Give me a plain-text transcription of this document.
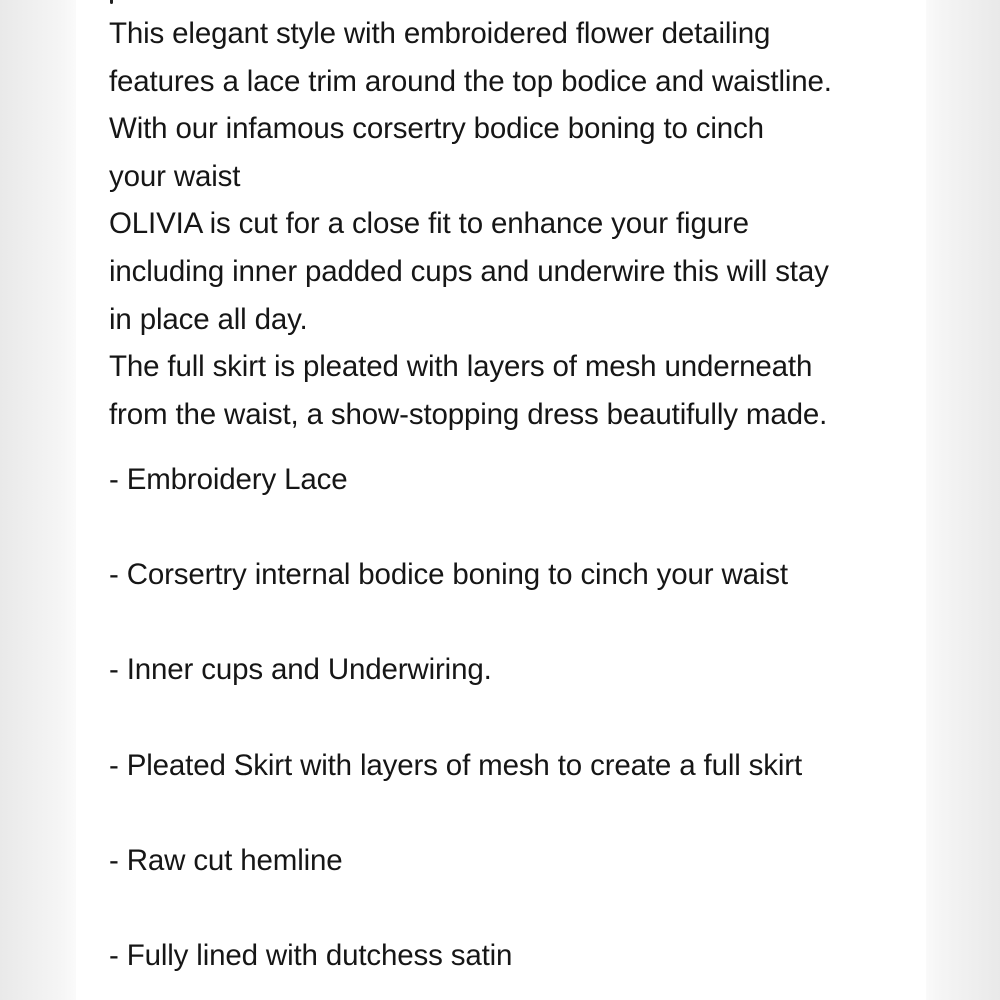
This elegant style with embroidered flower detailing

features a lace trim around the top bodice and waistline.

With our infamous corsertry bodice boning to cinch

your waist

OLIVIA is cut for a close fit to enhance your figure

including inner padded cups and underwire this will stay

in place all day.

The full skirt is pleated with layers of mesh underneath

from the waist, a show-stopping dress beautifully made.

- Embroidery Lace

- Corsertry internal bodice boning to cinch your waist

- Inner cups and Underwiring.

- Pleated Skirt with layers of mesh to create a full skirt

- Raw cut hemline

- Fully lined with dutchess satin
